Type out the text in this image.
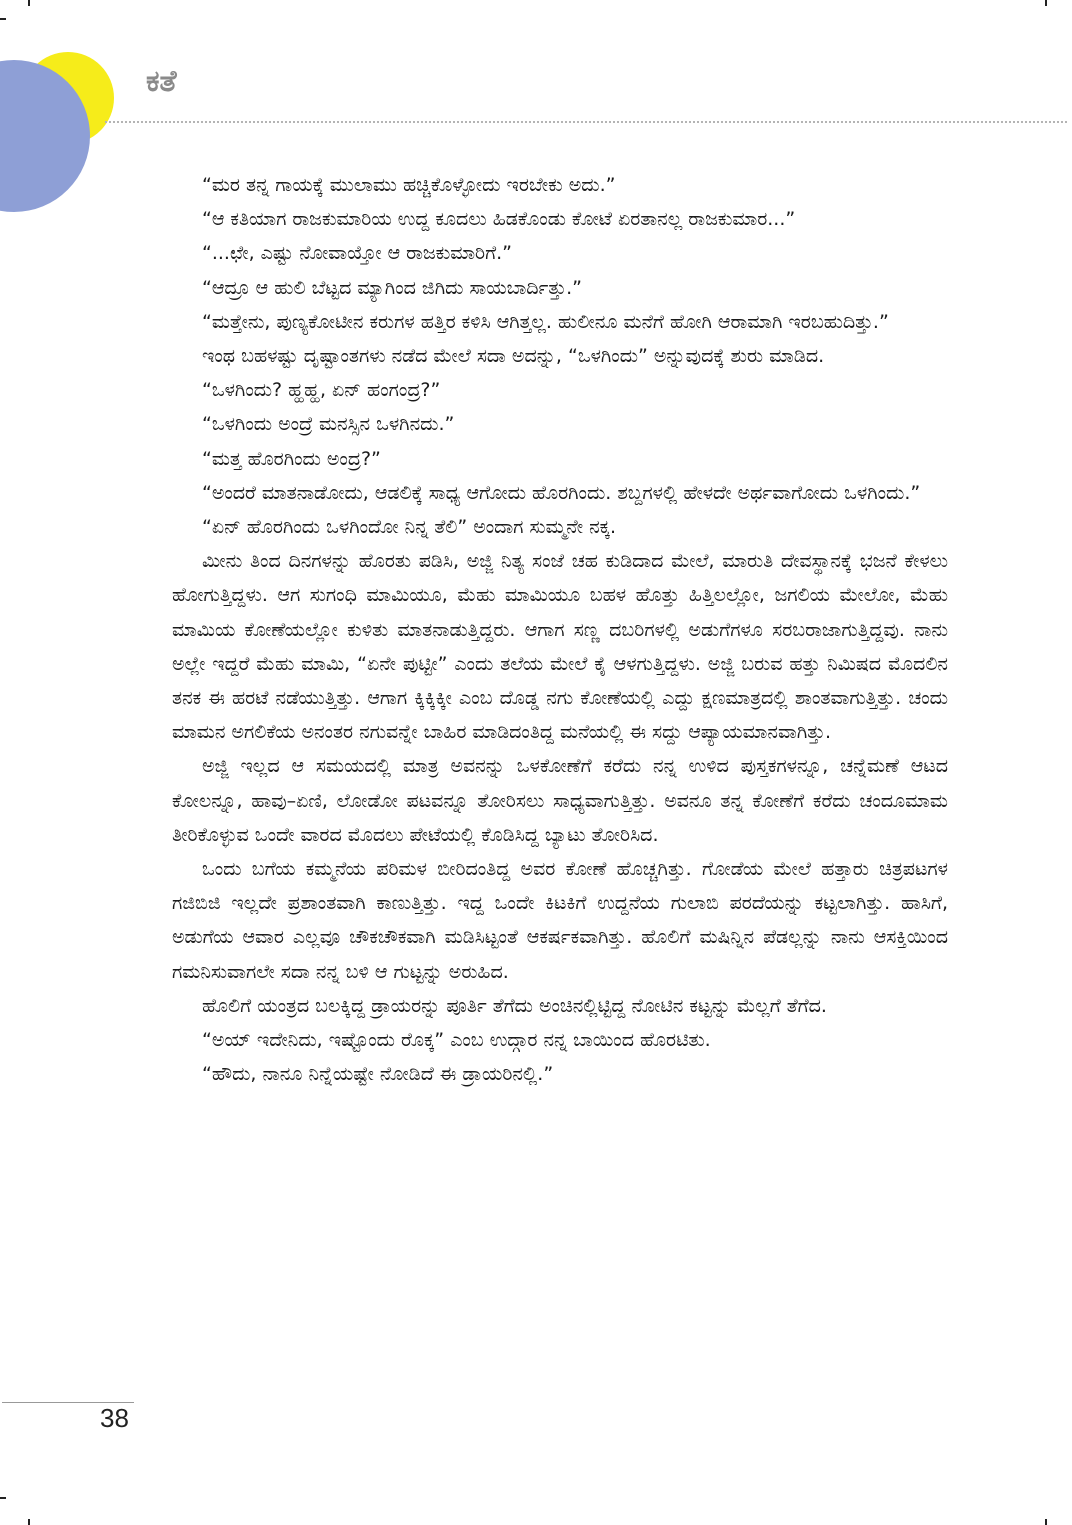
ಕತೆ

“ಮರ ತನ್ನ ಗಾಯಕ್ಕೆ ಮುಲಾಮು ಹಚ್ಚಿಕೊಳ್ಳೋದು ಇರಬೇಕು ಅದು.”

“ಆ ಕತಿಯಾಗ ರಾಜಕುಮಾರಿಯ ಉದ್ದ ಕೂದಲು ಹಿಡಕೊಂಡು ಕೋಟೆ ಏರತಾನಲ್ಲ ರಾಜಕುಮಾರ...”

“...ಛೇ, ಎಷ್ಟು ನೋವಾಯ್ತೋ ಆ ರಾಜಕುಮಾರಿಗೆ.”

“ಆದ್ರೂ ಆ ಹುಲಿ ಬೆಟ್ಟದ ಮ್ಯಾಗಿಂದ ಜಿಗಿದು ಸಾಯಬಾರ್ದಿತ್ತು.”

“ಮತ್ತೇನು, ಪುಣ್ಯಕೋಟೀನ ಕರುಗಳ ಹತ್ತಿರ ಕಳಿಸಿ ಆಗಿತ್ತಲ್ಲ. ಹುಲೀನೂ ಮನೆಗೆ ಹೋಗಿ ಆರಾಮಾಗಿ ಇರಬಹುದಿತ್ತು.”

ಇಂಥ ಬಹಳಷ್ಟು ದೃಷ್ಟಾಂತಗಳು ನಡೆದ ಮೇಲೆ ಸದಾ ಅದನ್ನು, “ಒಳಗಿಂದು” ಅನ್ನುವುದಕ್ಕೆ ಶುರು ಮಾಡಿದ.

“ಒಳಗಿಂದು? ಹ್ಹಹ್ಹ, ಏನ್ ಹಂಗಂದ್ರ?”

“ಒಳಗಿಂದು ಅಂದ್ರೆ ಮನಸ್ಸಿನ ಒಳಗಿನದು.”

“ಮತ್ತ ಹೊರಗಿಂದು ಅಂದ್ರ?”

“ಅಂದರೆ ಮಾತನಾಡೋದು, ಆಡಲಿಕ್ಕೆ ಸಾಧ್ಯ ಆಗೋದು ಹೊರಗಿಂದು. ಶಬ್ದಗಳಲ್ಲಿ ಹೇಳದೇ ಅರ್ಥವಾಗೋದು ಒಳಗಿಂದು.”

“ಏನ್ ಹೊರಗಿಂದು ಒಳಗಿಂದೋ ನಿನ್ನ ತೆಲಿ” ಅಂದಾಗ ಸುಮ್ಮನೇ ನಕ್ಕ.

ಮೀನು ತಿಂದ ದಿನಗಳನ್ನು ಹೊರತು ಪಡಿಸಿ, ಅಜ್ಜಿ ನಿತ್ಯ ಸಂಜೆ ಚಹ ಕುಡಿದಾದ ಮೇಲೆ, ಮಾರುತಿ ದೇವಸ್ಥಾನಕ್ಕೆ ಭಜನೆ ಕೇಳಲು ಹೋಗುತ್ತಿದ್ದಳು. ಆಗ ಸುಗಂಧಿ ಮಾಮಿಯೂ, ಮೆಹು ಮಾಮಿಯೂ ಬಹಳ ಹೊತ್ತು ಹಿತ್ತಿಲಲ್ಲೋ, ಜಗಲಿಯ ಮೇಲೋ, ಮೆಹು ಮಾಮಿಯ ಕೋಣೆಯಲ್ಲೋ ಕುಳಿತು ಮಾತನಾಡುತ್ತಿದ್ದರು. ಆಗಾಗ ಸಣ್ಣ ದಬರಿಗಳಲ್ಲಿ ಅಡುಗೆಗಳೂ ಸರಬರಾಜಾಗುತ್ತಿದ್ದವು. ನಾನು ಅಲ್ಲೇ ಇದ್ದರೆ ಮೆಹು ಮಾಮಿ, “ಏನೇ ಪುಟ್ಟೀ” ಎಂದು ತಲೆಯ ಮೇಲೆ ಕೈ ಆಳಗುತ್ತಿದ್ದಳು. ಅಜ್ಜಿ ಬರುವ ಹತ್ತು ನಿಮಿಷದ ಮೊದಲಿನ ತನಕ ಈ ಹರಟೆ ನಡೆಯುತ್ತಿತ್ತು. ಆಗಾಗ ಕ್ಕಿಕ್ಕಿಕ್ಕೀ ಎಂಬ ದೊಡ್ಡ ನಗು ಕೋಣೆಯಲ್ಲಿ ಎದ್ದು ಕ್ಷಣಮಾತ್ರದಲ್ಲಿ ಶಾಂತವಾಗುತ್ತಿತ್ತು. ಚಂದು ಮಾಮನ ಅಗಲಿಕೆಯ ಅನಂತರ ನಗುವನ್ನೇ ಬಾಹಿರ ಮಾಡಿದಂತಿದ್ದ ಮನೆಯಲ್ಲಿ ಈ ಸದ್ದು ಆಪ್ಯಾಯಮಾನವಾಗಿತ್ತು.

ಅಜ್ಜಿ ಇಲ್ಲದ ಆ ಸಮಯದಲ್ಲಿ ಮಾತ್ರ ಅವನನ್ನು ಒಳಕೋಣೆಗೆ ಕರೆದು ನನ್ನ ಉಳಿದ ಪುಸ್ತಕಗಳನ್ನೂ, ಚನ್ನೆಮಣೆ ಆಟದ ಕೋಲನ್ನೂ, ಹಾವು–ಏಣಿ, ಲೋಡೋ ಪಟವನ್ನೂ ತೋರಿಸಲು ಸಾಧ್ಯವಾಗುತ್ತಿತ್ತು. ಅವನೂ ತನ್ನ ಕೋಣೆಗೆ ಕರೆದು ಚಂದೂಮಾಮ ತೀರಿಕೊಳ್ಳುವ ಒಂದೇ ವಾರದ ಮೊದಲು ಪೇಟೆಯಲ್ಲಿ ಕೊಡಿಸಿದ್ದ ಬ್ಯಾಟು ತೋರಿಸಿದ.

ಒಂದು ಬಗೆಯ ಕಮ್ಮನೆಯ ಪರಿಮಳ ಬೀರಿದಂತಿದ್ದ ಅವರ ಕೋಣೆ ಹೊಚ್ಚಗಿತ್ತು. ಗೋಡೆಯ ಮೇಲೆ ಹತ್ತಾರು ಚಿತ್ರಪಟಗಳ ಗಜಿಬಿಜಿ ಇಲ್ಲದೇ ಪ್ರಶಾಂತವಾಗಿ ಕಾಣುತ್ತಿತ್ತು. ಇದ್ದ ಒಂದೇ ಕಿಟಕಿಗೆ ಉದ್ದನೆಯ ಗುಲಾಬಿ ಪರದೆಯನ್ನು ಕಟ್ಟಲಾಗಿತ್ತು. ಹಾಸಿಗೆ, ಅಡುಗೆಯ ಆವಾರ ಎಲ್ಲವೂ ಚೌಕಚೌಕವಾಗಿ ಮಡಿಸಿಟ್ಟಂತೆ ಆಕರ್ಷಕವಾಗಿತ್ತು. ಹೊಲಿಗೆ ಮಷಿನ್ನಿನ ಪೆಡಲ್ಲನ್ನು ನಾನು ಆಸಕ್ತಿಯಿಂದ ಗಮನಿಸುವಾಗಲೇ ಸದಾ ನನ್ನ ಬಳಿ ಆ ಗುಟ್ಟನ್ನು ಅರುಹಿದ.

ಹೊಲಿಗೆ ಯಂತ್ರದ ಬಲಕ್ಕಿದ್ದ ಡ್ರಾಯರನ್ನು ಪೂರ್ತಿ ತೆಗೆದು ಅಂಚಿನಲ್ಲಿಟ್ಟಿದ್ದ ನೋಟಿನ ಕಟ್ಟನ್ನು ಮೆಲ್ಲಗೆ ತೆಗೆದ.

“ಅಯ್ ಇದೇನಿದು, ಇಷ್ಟೊಂದು ರೊಕ್ಕ” ಎಂಬ ಉದ್ಗಾರ ನನ್ನ ಬಾಯಿಂದ ಹೊರಟಿತು.

“ಹೌದು, ನಾನೂ ನಿನ್ನೆಯಷ್ಟೇ ನೋಡಿದೆ ಈ ಡ್ರಾಯರಿನಲ್ಲಿ.”

38
